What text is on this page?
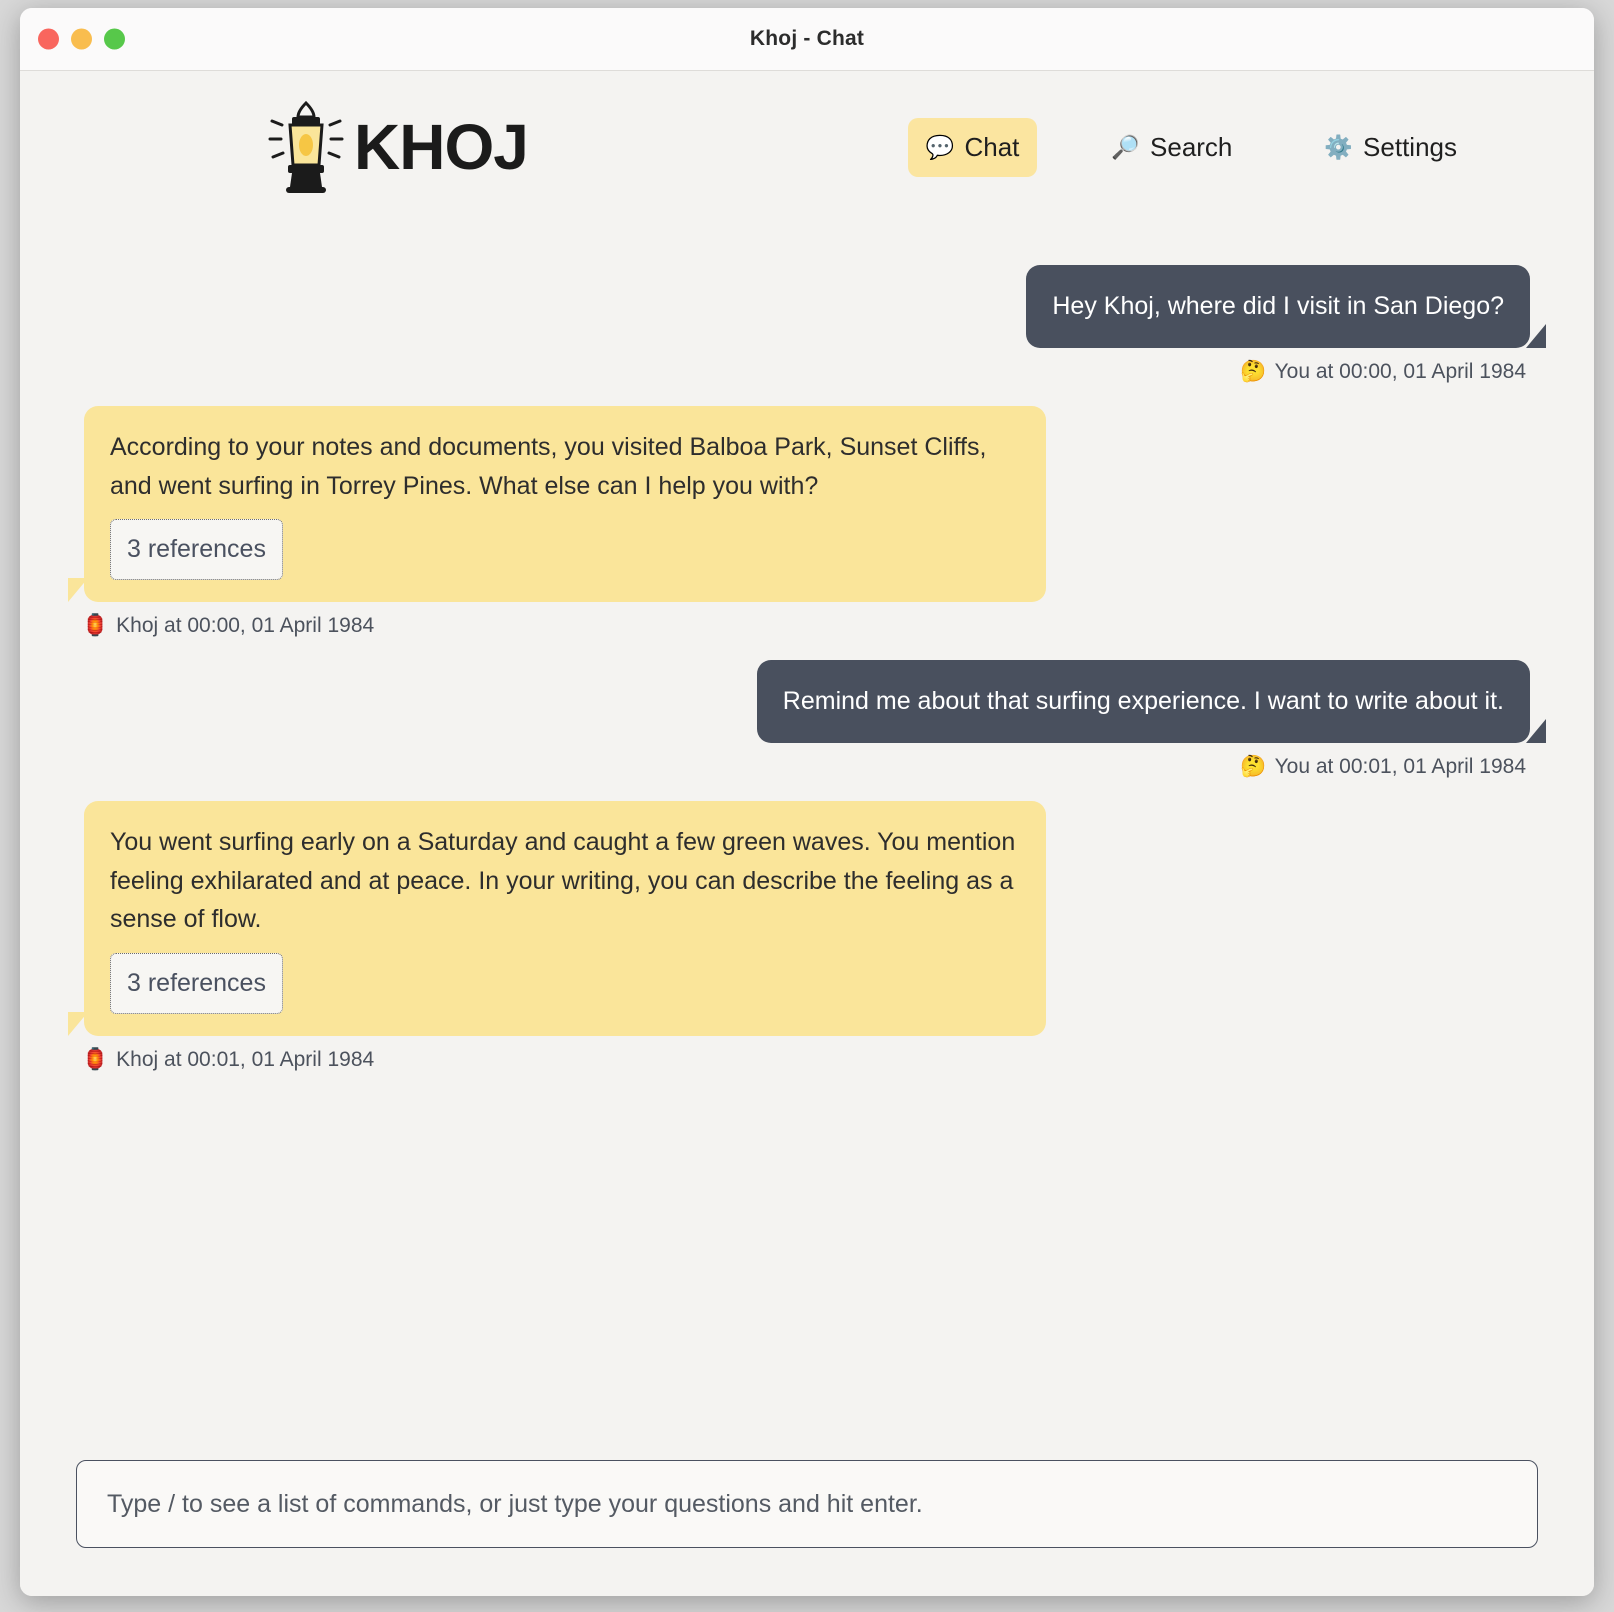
Khoj - Chat
KHOJ	💬 Chat	🔎 Search	⚙️ Settings
Hey Khoj, where did I visit in San Diego?
🤔 You at 00:00, 01 April 1984
According to your notes and documents, you visited Balboa Park, Sunset Cliffs, and went surfing in Torrey Pines. What else can I help you with?
3 references
🏮 Khoj at 00:00, 01 April 1984
Remind me about that surfing experience. I want to write about it.
🤔 You at 00:01, 01 April 1984
You went surfing early on a Saturday and caught a few green waves. You mention feeling exhilarated and at peace. In your writing, you can describe the feeling as a sense of flow.
3 references
🏮 Khoj at 00:01, 01 April 1984
Type / to see a list of commands, or just type your questions and hit enter.
